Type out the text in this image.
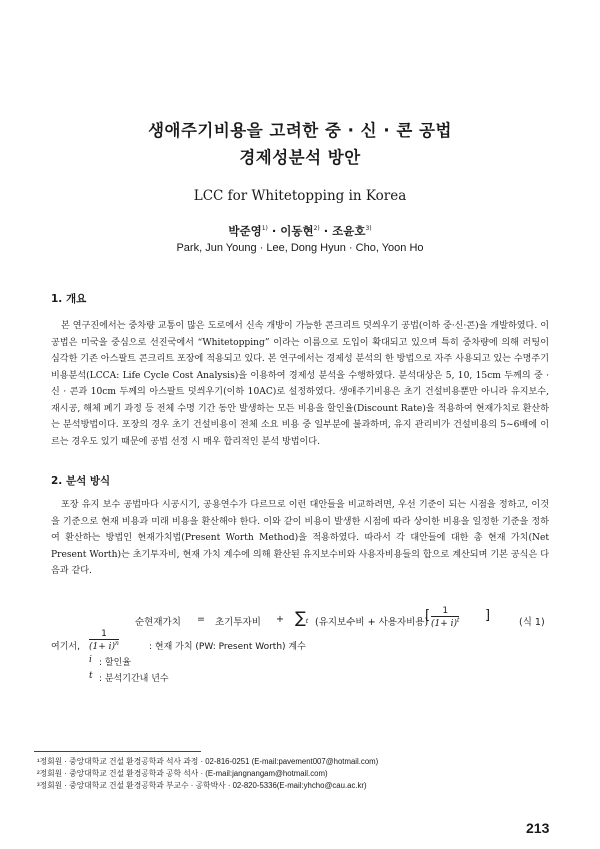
생애주기비용을 고려한 중 · 신 · 콘 공법
경제성분석 방안
LCC for Whitetopping in Korea
박준영$^{1)}$ · 이동현$^{2)}$ · 조윤호$^{3)}$
Park, Jun Young · Lee, Dong Hyun · Cho, Yoon Ho
1. 개요
본 연구진에서는 중차량 교통이 많은 도로에서 신속 개방이 가능한 콘크리트 덧씌우기 공법(이하 중·신·콘)을 개발하였다. 이 공법은 미국을 중심으로 선진국에서 “Whitetopping” 이라는 이름으로 도입이 확대되고 있으며 특히 중차량에 의해 러팅이 심각한 기존 아스팔트 콘크리트 포장에 적용되고 있다. 본 연구에서는 경제성 분석의 한 방법으로 자주 사용되고 있는 수명주기비용분석(LCCA: Life Cycle Cost Analysis)을 이용하여 경제성 분석을 수행하였다. 분석대상은 5, 10, 15cm 두께의 중 · 신 · 콘과 10cm 두께의 아스팔트 덧씌우기(이하 10AC)로 설정하였다. 생애주기비용은 초기 건설비용뿐만 아니라 유지보수, 재시공, 해체 폐기 과정 등 전체 수명 기간 동안 발생하는 모든 비용을 할인율(Discount Rate)을 적용하여 현재가치로 환산하는 분석방법이다. 포장의 경우 초기 건설비용이 전체 소요 비용 중 일부분에 불과하며, 유지 관리비가 건설비용의 5~6배에 이르는 경우도 있기 때문에 공법 선정 시 매우 합리적인 분석 방법이다.
2. 분석 방식
포장 유지 보수 공법마다 시공시기, 공용연수가 다르므로 이런 대안들을 비교하려면, 우선 기준이 되는 시점을 정하고, 이것을 기준으로 현재 비용과 미래 비용을 환산해야 한다. 이와 같이 비용이 발생한 시점에 따라 상이한 비용을 일정한 기준을 정하여 환산하는 방법인 현재가치법(Present Worth Method)을 적용하였다. 따라서 각 대안들에 대한 총 현재 가치(Net Present Worth)는 초기투자비, 현재 가치 계수에 의해 환산된 유지보수비와 사용자비용들의 합으로 계산되며 기본 공식은 다음과 같다.
순현재가치 = 초기투자비 + $\sum_t$ (유지보수비 + 사용자비용)
[ $\frac{1}{(1+ i)^t}$ ]	(식 1)
여기서, $\frac{1}{(1+ i)^n}$	: 현재 가치 (PW: Present Worth) 계수
i : 할인율
t : 분석기간내 년수
¹정회원 · 중앙대학교 건설 환경공학과 석사 과정 · 02-816-0251 (E-mail:pavement007@hotmail.com)
²정회원 · 중앙대학교 건설 환경공학과 공학 석사 · (E-mail:jangnangam@hotmail.com)
³정회원 · 중앙대학교 건설 환경공학과 부교수 · 공학박사 · 02-820-5336(E-mail:yhcho@cau.ac.kr)
213
